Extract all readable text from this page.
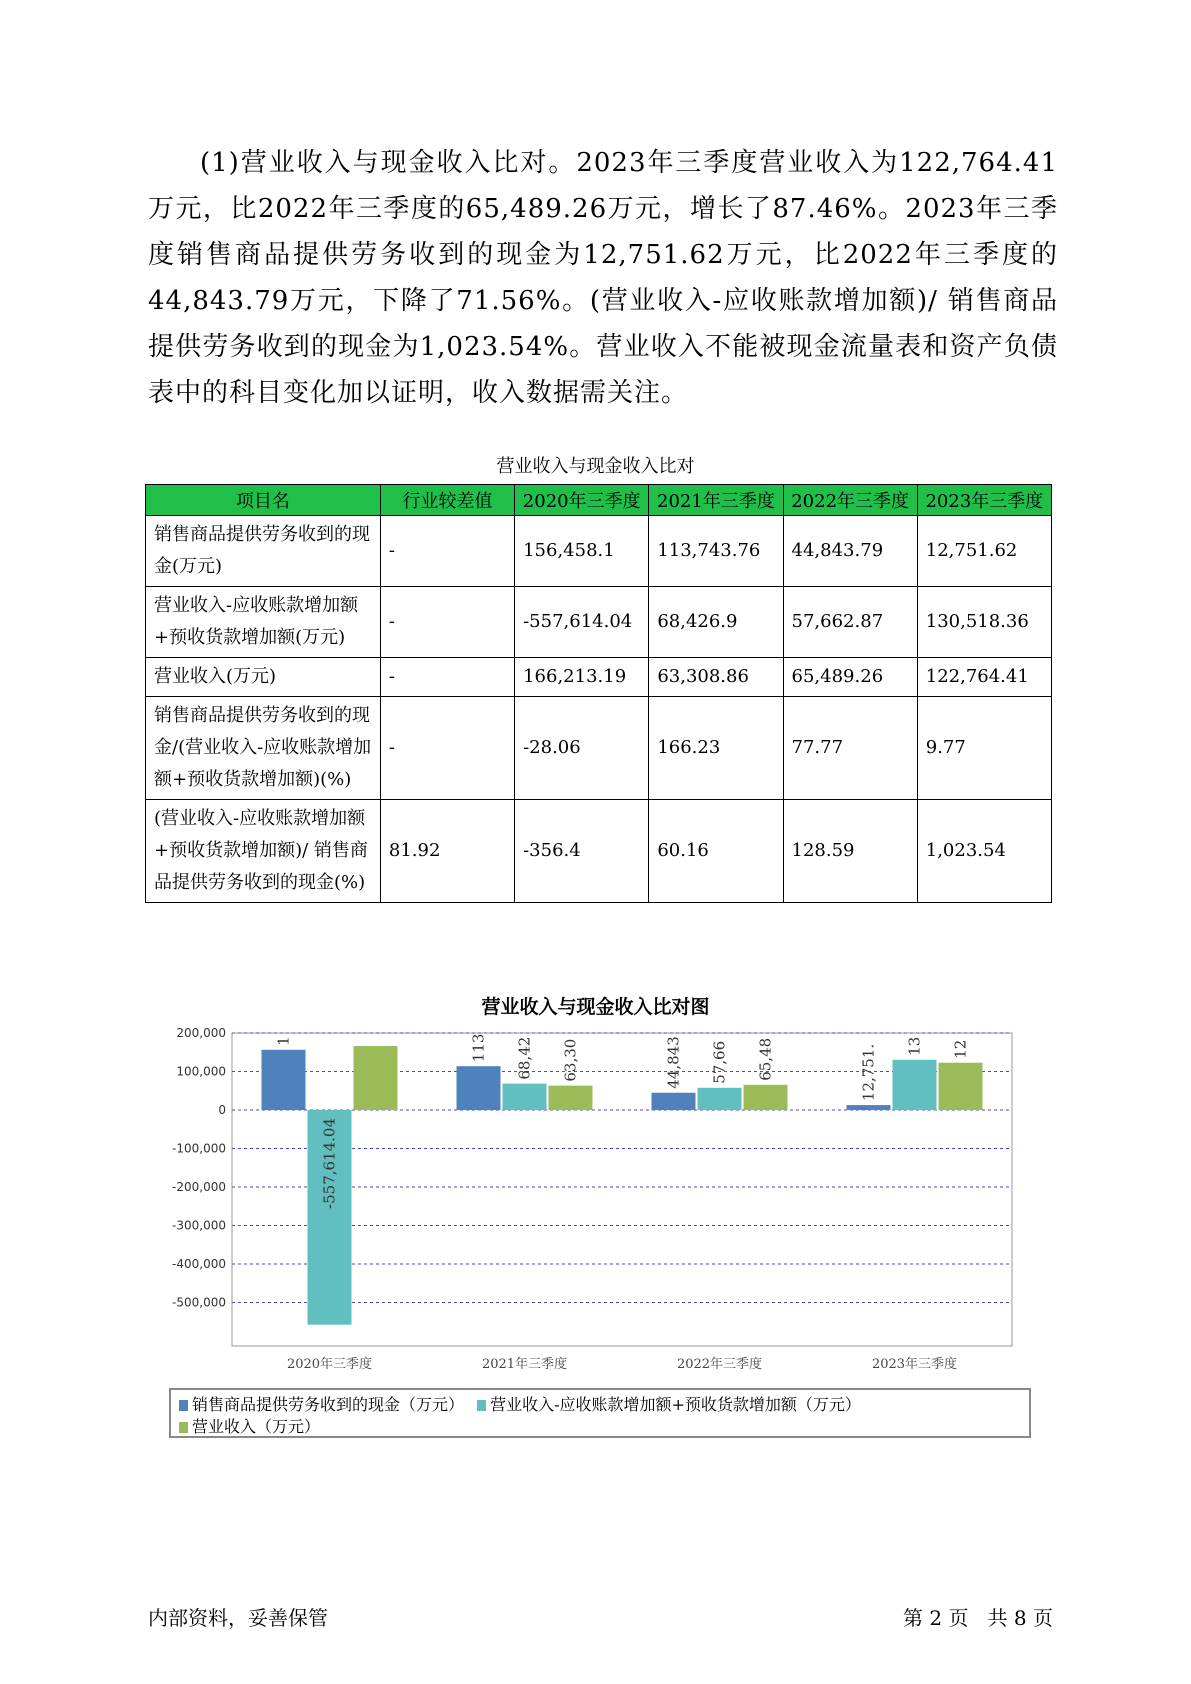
(1)营业收入与现金收入比对。2023年三季度营业收入为122,764.41万元，比2022年三季度的65,489.26万元，增长了87.46%。2023年三季度销售商品提供劳务收到的现金为12,751.62万元，比2022年三季度的44,843.79万元，下降了71.56%。(营业收入-应收账款增加额)/ 销售商品提供劳务收到的现金为1,023.54%。营业收入不能被现金流量表和资产负债表中的科目变化加以证明，收入数据需关注。
营业收入与现金收入比对
项目名	行业较差值	2020年三季度	2021年三季度	2022年三季度	2023年三季度
销售商品提供劳务收到的现金(万元)	-	156,458.1	113,743.76	44,843.79	12,751.62
营业收入-应收账款增加额+预收货款增加额(万元)	-	-557,614.04	68,426.9	57,662.87	130,518.36
营业收入(万元)	-	166,213.19	63,308.86	65,489.26	122,764.41
销售商品提供劳务收到的现金/(营业收入-应收账款增加额+预收货款增加额)(%)	-	-28.06	166.23	77.77	9.77
(营业收入-应收账款增加额+预收货款增加额)/ 销售商品提供劳务收到的现金(%)	81.92	-356.4	60.16	128.59	1,023.54
营业收入与现金收入比对图
200,000
100,000
0
-100,000
-200,000
-300,000
-400,000
-500,000
1
-557,614.04
2020年三季度
113 68,42 63,30
2021年三季度
44,843 57,66 65,48
2022年三季度
12,751. 13 12
2023年三季度
销售商品提供劳务收到的现金（万元） 营业收入-应收账款增加额+预收货款增加额（万元）
营业收入（万元）
内部资料，妥善保管	第 2 页   共 8 页
